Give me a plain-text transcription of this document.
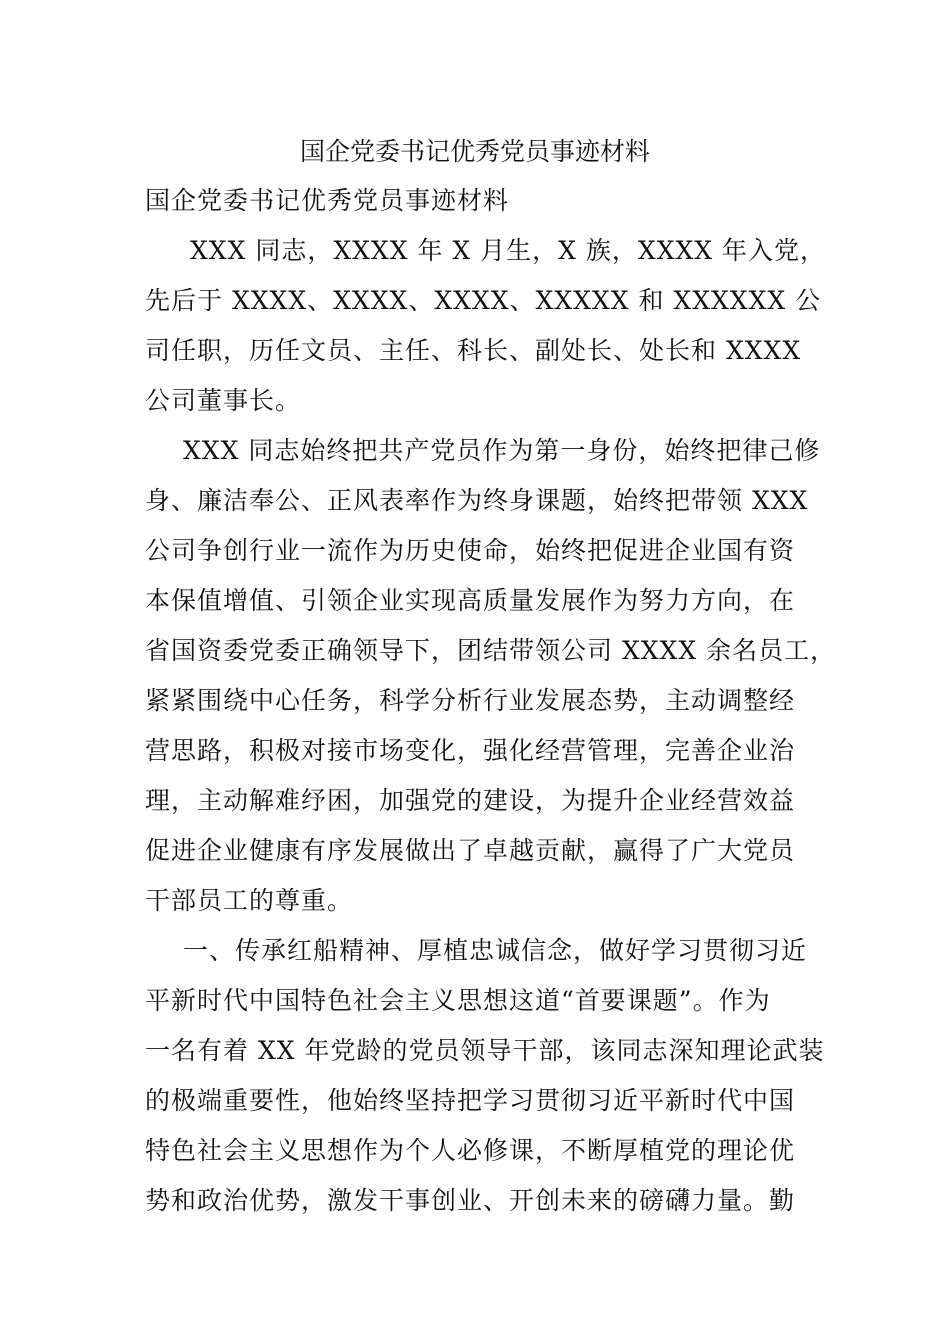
国企党委书记优秀党员事迹材料
国企党委书记优秀党员事迹材料
XXX 同志，XXXX 年 X 月生，X 族，XXXX 年入党，
先后于 XXXX、XXXX、XXXX、XXXXX 和 XXXXXX 公
司任职，历任文员、主任、科长、副处长、处长和 XXXX
公司董事长。
XXX 同志始终把共产党员作为第一身份，始终把律己修
身、廉洁奉公、正风表率作为终身课题，始终把带领 XXX
公司争创行业一流作为历史使命，始终把促进企业国有资
本保值增值、引领企业实现高质量发展作为努力方向，在
省国资委党委正确领导下，团结带领公司 XXXX 余名员工，
紧紧围绕中心任务，科学分析行业发展态势，主动调整经
营思路，积极对接市场变化，强化经营管理，完善企业治
理，主动解难纾困，加强党的建设，为提升企业经营效益
促进企业健康有序发展做出了卓越贡献，赢得了广大党员
干部员工的尊重。
一、传承红船精神、厚植忠诚信念，做好学习贯彻习近
平新时代中国特色社会主义思想这道“首要课题”。作为
一名有着 XX 年党龄的党员领导干部，该同志深知理论武装
的极端重要性，他始终坚持把学习贯彻习近平新时代中国
特色社会主义思想作为个人必修课，不断厚植党的理论优
势和政治优势，激发干事创业、开创未来的磅礴力量。勤
